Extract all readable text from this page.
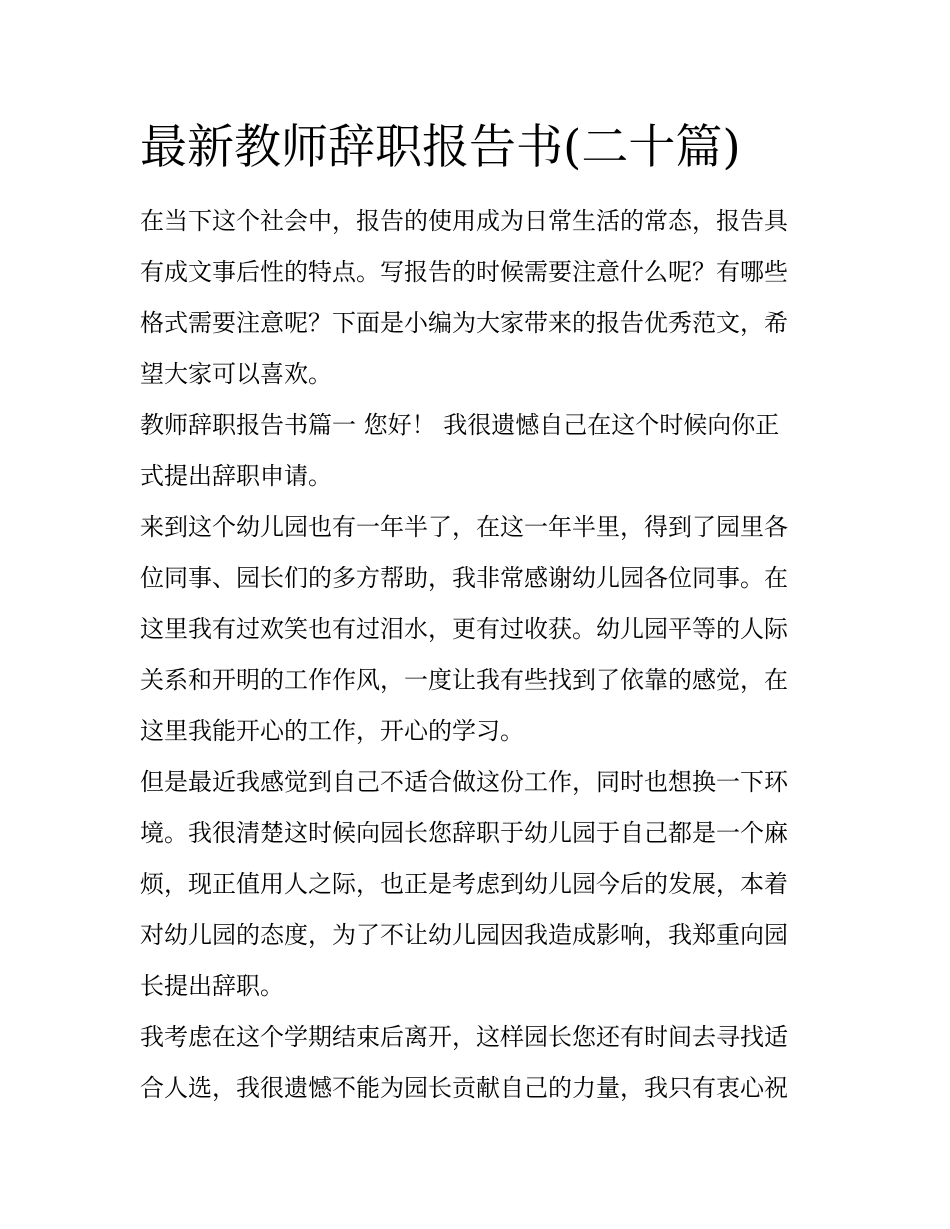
最新教师辞职报告书(二十篇)

在当下这个社会中，报告的使用成为日常生活的常态，报告具
有成文事后性的特点。写报告的时候需要注意什么呢？有哪些
格式需要注意呢？下面是小编为大家带来的报告优秀范文，希
望大家可以喜欢。

教师辞职报告书篇一 您好！ 我很遗憾自己在这个时候向你正
式提出辞职申请。

来到这个幼儿园也有一年半了，在这一年半里，得到了园里各
位同事、园长们的多方帮助，我非常感谢幼儿园各位同事。在
这里我有过欢笑也有过泪水，更有过收获。幼儿园平等的人际
关系和开明的工作作风，一度让我有些找到了依靠的感觉，在
这里我能开心的工作，开心的学习。

但是最近我感觉到自己不适合做这份工作，同时也想换一下环
境。我很清楚这时候向园长您辞职于幼儿园于自己都是一个麻
烦，现正值用人之际，也正是考虑到幼儿园今后的发展，本着
对幼儿园的态度，为了不让幼儿园因我造成影响，我郑重向园
长提出辞职。

我考虑在这个学期结束后离开，这样园长您还有时间去寻找适
合人选，我很遗憾不能为园长贡献自己的力量，我只有衷心祝
